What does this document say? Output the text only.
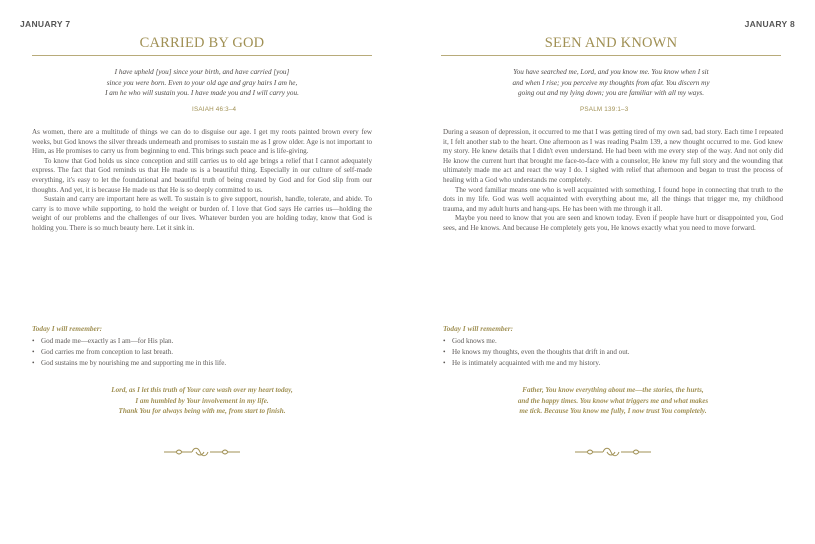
JANUARY 7
CARRIED BY GOD
I have upheld [you] since your birth, and have carried [you]
since you were born. Even to your old age and gray hairs I am he,
I am he who will sustain you. I have made you and I will carry you.
ISAIAH 46:3–4

As women, there are a multitude of things we can do to disguise our age. I get my roots painted brown every few weeks, but God knows the silver threads underneath and promises to sustain me as I grow older. Age is not important to Him, as He promises to carry us from beginning to end. This brings such peace and is life-giving.

To know that God holds us since conception and still carries us to old age brings a relief that I cannot adequately express. The fact that God reminds us that He made us is a beautiful thing. Especially in our culture of self-made everything, it's easy to let the foundational and beautiful truth of being created by God and for God slip from our thoughts. And yet, it is because He made us that He is so deeply committed to us.

Sustain and carry are important here as well. To sustain is to give support, nourish, handle, tolerate, and abide. To carry is to move while supporting, to hold the weight or burden of. I love that God says He carries us—holding the weight of our problems and the challenges of our lives. Whatever burden you are holding today, know that God is holding you. There is so much beauty here. Let it sink in.

Today I will remember:
• God made me—exactly as I am—for His plan.
• God carries me from conception to last breath.
• God sustains me by nourishing me and supporting me in this life.
Lord, as I let this truth of Your care wash over my heart today,
I am humbled by Your involvement in my life.
Thank You for always being with me, from start to finish.
JANUARY 8
SEEN AND KNOWN
You have searched me, Lord, and you know me. You know when I sit
and when I rise; you perceive my thoughts from afar. You discern my
going out and my lying down; you are familiar with all my ways.
PSALM 139:1–3

During a season of depression, it occurred to me that I was getting tired of my own sad, bad story. Each time I repeated it, I felt another stab to the heart. One afternoon as I was reading Psalm 139, a new thought occurred to me. God knew my story. He knew details that I didn't even understand. He had been with me every step of the way. And not only did He know the current hurt that brought me face-to-face with a counselor, He knew my full story and the wounding that ultimately made me act and react the way I do. I sighed with relief that afternoon and began to trust the process of healing with a God who understands me completely.

The word familiar means one who is well acquainted with something. I found hope in connecting that truth to the dots in my life. God was well acquainted with everything about me, all the things that trigger me, my childhood trauma, and my adult hurts and hang-ups. He has been with me through it all.

Maybe you need to know that you are seen and known today. Even if people have hurt or disappointed you, God sees, and He knows. And because He completely gets you, He knows exactly what you need to move forward.

Today I will remember:
• God knows me.
• He knows my thoughts, even the thoughts that drift in and out.
• He is intimately acquainted with me and my history.
Father, You know everything about me—the stories, the hurts,
and the happy times. You know what triggers me and what makes
me tick. Because You know me fully, I now trust You completely.
